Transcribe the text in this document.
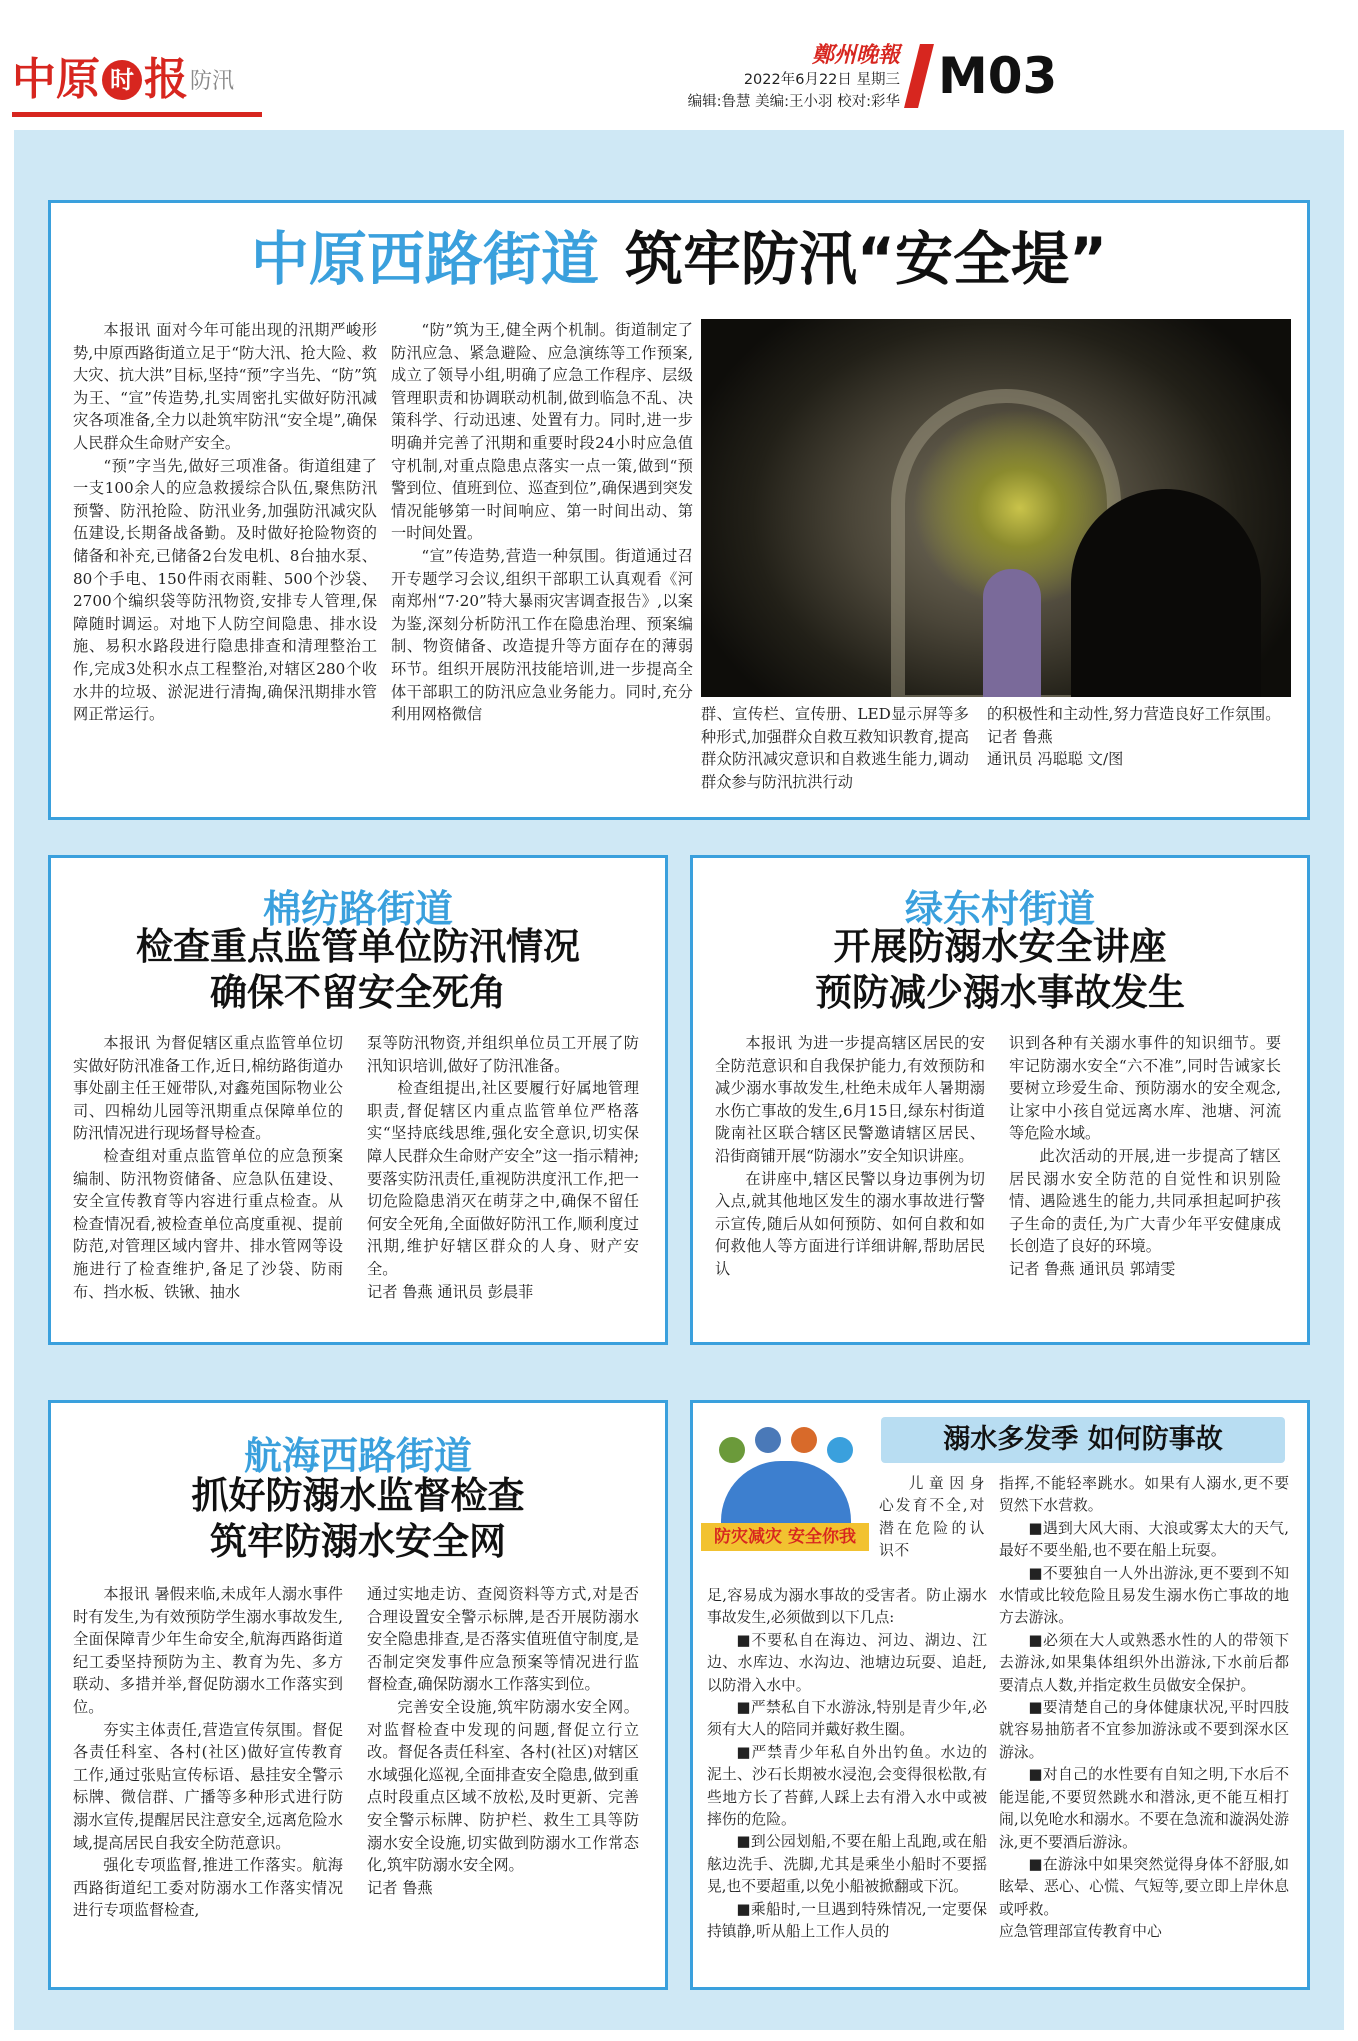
中原 时 报 防汛
鄭州晚報
2022年6月22日 星期三
编辑:鲁慧 美编:王小羽 校对:彩华 M03
中原西路街道 筑牢防汛“安全堤”

本报讯 面对今年可能出现的汛期严峻形势,中原西路街道立足于“防大汛、抢大险、救大灾、抗大洪”目标,坚持“预”字当先、“防”筑为王、“宣”传造势,扎实周密扎实做好防汛减灾各项准备,全力以赴筑牢防汛“安全堤”,确保人民群众生命财产安全。

“预”字当先,做好三项准备。街道组建了一支100余人的应急救援综合队伍,聚焦防汛预警、防汛抢险、防汛业务,加强防汛减灾队伍建设,长期备战备勤。及时做好抢险物资的储备和补充,已储备2台发电机、8台抽水泵、80个手电、150件雨衣雨鞋、500个沙袋、2700个编织袋等防汛物资,安排专人管理,保障随时调运。对地下人防空间隐患、排水设施、易积水路段进行隐患排查和清理整治工作,完成3处积水点工程整治,对辖区280个收水井的垃圾、淤泥进行清掏,确保汛期排水管网正常运行。

“防”筑为王,健全两个机制。街道制定了防汛应急、紧急避险、应急演练等工作预案,成立了领导小组,明确了应急工作程序、层级管理职责和协调联动机制,做到临急不乱、决策科学、行动迅速、处置有力。同时,进一步明确并完善了汛期和重要时段24小时应急值守机制,对重点隐患点落实一点一策,做到“预警到位、值班到位、巡查到位”,确保遇到突发情况能够第一时间响应、第一时间出动、第一时间处置。

“宣”传造势,营造一种氛围。街道通过召开专题学习会议,组织干部职工认真观看《河南郑州“7·20”特大暴雨灾害调查报告》,以案为鉴,深刻分析防汛工作在隐患治理、预案编制、物资储备、改造提升等方面存在的薄弱环节。组织开展防汛技能培训,进一步提高全体干部职工的防汛应急业务能力。同时,充分利用网格微信	群、宣传栏、宣传册、LED显示屏等多种形式,加强群众自救互救知识教育,提高群众防汛减灾意识和自救逃生能力,调动群众参与防汛抗洪行动

的积极性和主动性,努力营造良好工作氛围。

记者 鲁燕

通讯员 冯聪聪 文/图

棉纺路街道
检查重点监管单位防汛情况
确保不留安全死角

本报讯 为督促辖区重点监管单位切实做好防汛准备工作,近日,棉纺路街道办事处副主任王娅带队,对鑫苑国际物业公司、四棉幼儿园等汛期重点保障单位的防汛情况进行现场督导检查。

检查组对重点监管单位的应急预案编制、防汛物资储备、应急队伍建设、安全宣传教育等内容进行重点检查。从检查情况看,被检查单位高度重视、提前防范,对管理区域内窨井、排水管网等设施进行了检查维护,备足了沙袋、防雨布、挡水板、铁锹、抽水

泵等防汛物资,并组织单位员工开展了防汛知识培训,做好了防汛准备。

检查组提出,社区要履行好属地管理职责,督促辖区内重点监管单位严格落实“坚持底线思维,强化安全意识,切实保障人民群众生命财产安全”这一指示精神;要落实防汛责任,重视防洪度汛工作,把一切危险隐患消灭在萌芽之中,确保不留任何安全死角,全面做好防汛工作,顺利度过汛期,维护好辖区群众的人身、财产安全。

记者 鲁燕 通讯员 彭晨菲

绿东村街道
开展防溺水安全讲座
预防减少溺水事故发生

本报讯 为进一步提高辖区居民的安全防范意识和自我保护能力,有效预防和减少溺水事故发生,杜绝未成年人暑期溺水伤亡事故的发生,6月15日,绿东村街道陇南社区联合辖区民警邀请辖区居民、沿街商铺开展“防溺水”安全知识讲座。

在讲座中,辖区民警以身边事例为切入点,就其他地区发生的溺水事故进行警示宣传,随后从如何预防、如何自救和如何救他人等方面进行详细讲解,帮助居民认

识到各种有关溺水事件的知识细节。要牢记防溺水安全“六不准”,同时告诫家长要树立珍爱生命、预防溺水的安全观念,让家中小孩自觉远离水库、池塘、河流等危险水域。

此次活动的开展,进一步提高了辖区居民溺水安全防范的自觉性和识别险情、遇险逃生的能力,共同承担起呵护孩子生命的责任,为广大青少年平安健康成长创造了良好的环境。

记者 鲁燕 通讯员 郭靖雯

航海西路街道
抓好防溺水监督检查
筑牢防溺水安全网

本报讯 暑假来临,未成年人溺水事件时有发生,为有效预防学生溺水事故发生,全面保障青少年生命安全,航海西路街道纪工委坚持预防为主、教育为先、多方联动、多措并举,督促防溺水工作落实到位。

夯实主体责任,营造宣传氛围。督促各责任科室、各村(社区)做好宣传教育工作,通过张贴宣传标语、悬挂安全警示标牌、微信群、广播等多种形式进行防溺水宣传,提醒居民注意安全,远离危险水域,提高居民自我安全防范意识。

强化专项监督,推进工作落实。航海西路街道纪工委对防溺水工作落实情况进行专项监督检查,

通过实地走访、查阅资料等方式,对是否合理设置安全警示标牌,是否开展防溺水安全隐患排查,是否落实值班值守制度,是否制定突发事件应急预案等情况进行监督检查,确保防溺水工作落实到位。

完善安全设施,筑牢防溺水安全网。对监督检查中发现的问题,督促立行立改。督促各责任科室、各村(社区)对辖区水域强化巡视,全面排查安全隐患,做到重点时段重点区域不放松,及时更新、完善安全警示标牌、防护栏、救生工具等防溺水安全设施,切实做到防溺水工作常态化,筑牢防溺水安全网。

记者 鲁燕

溺水多发季 如何防事故
防灾减灾 安全你我

儿童因身心发育不全,对潜在危险的认识不

足,容易成为溺水事故的受害者。防止溺水事故发生,必须做到以下几点:

■不要私自在海边、河边、湖边、江边、水库边、水沟边、池塘边玩耍、追赶,以防滑入水中。

■严禁私自下水游泳,特别是青少年,必须有大人的陪同并戴好救生圈。

■严禁青少年私自外出钓鱼。水边的泥土、沙石长期被水浸泡,会变得很松散,有些地方长了苔藓,人踩上去有滑入水中或被摔伤的危险。

■到公园划船,不要在船上乱跑,或在船舷边洗手、洗脚,尤其是乘坐小船时不要摇晃,也不要超重,以免小船被掀翻或下沉。

■乘船时,一旦遇到特殊情况,一定要保持镇静,听从船上工作人员的

指挥,不能轻率跳水。如果有人溺水,更不要贸然下水营救。

■遇到大风大雨、大浪或雾太大的天气,最好不要坐船,也不要在船上玩耍。

■不要独自一人外出游泳,更不要到不知水情或比较危险且易发生溺水伤亡事故的地方去游泳。

■必须在大人或熟悉水性的人的带领下去游泳,如果集体组织外出游泳,下水前后都要清点人数,并指定救生员做安全保护。

■要清楚自己的身体健康状况,平时四肢就容易抽筋者不宜参加游泳或不要到深水区游泳。

■对自己的水性要有自知之明,下水后不能逞能,不要贸然跳水和潜泳,更不能互相打闹,以免呛水和溺水。不要在急流和漩涡处游泳,更不要酒后游泳。

■在游泳中如果突然觉得身体不舒服,如眩晕、恶心、心慌、气短等,要立即上岸休息或呼救。

应急管理部宣传教育中心
